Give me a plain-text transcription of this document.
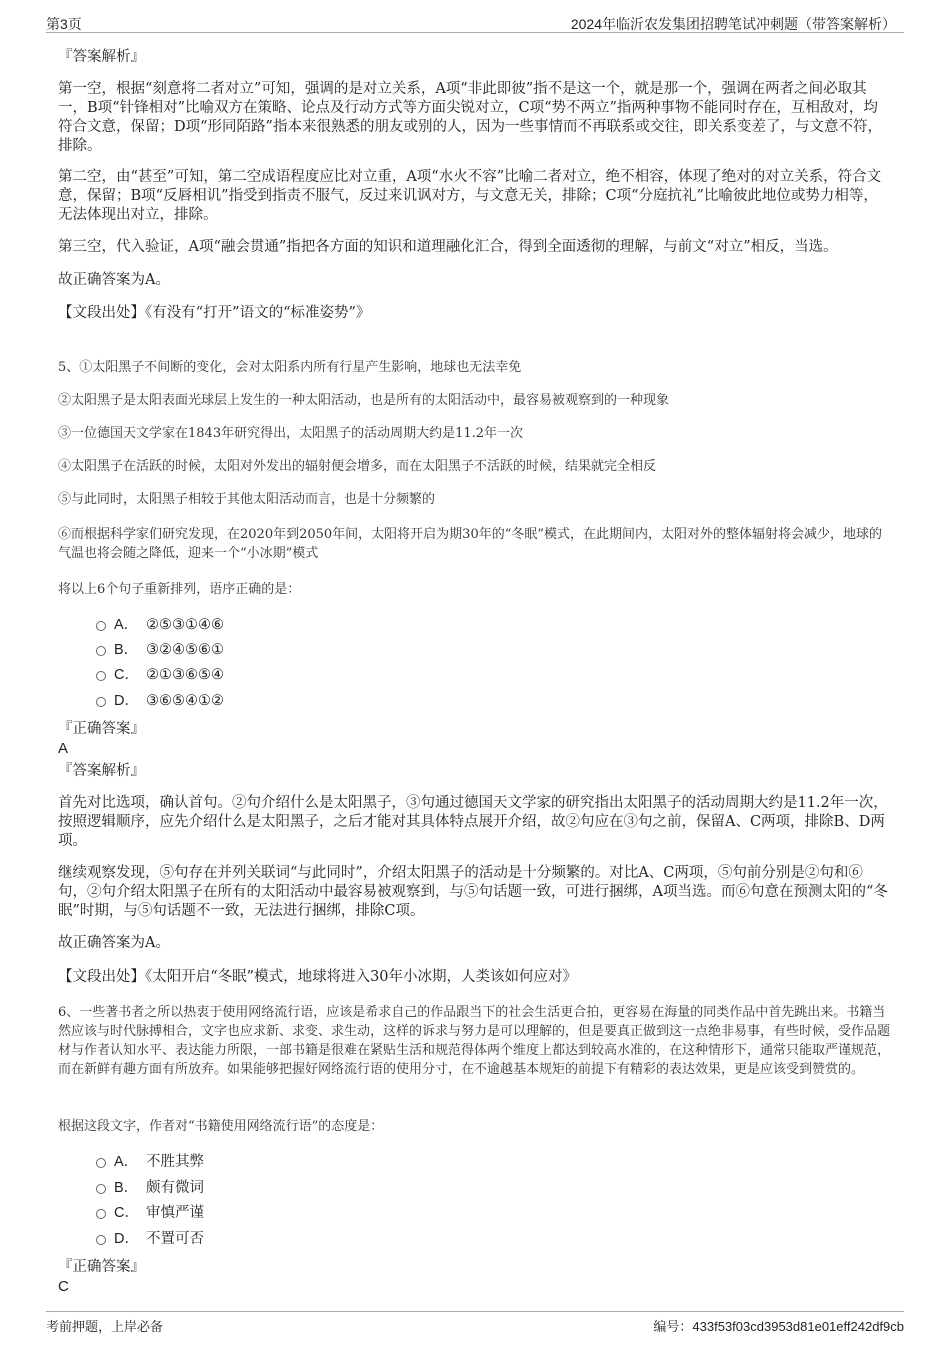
第3页	2024年临沂农发集团招聘笔试冲刺题（带答案解析）
『答案解析』
第一空，根据“刻意将二者对立”可知，强调的是对立关系，A项“非此即彼”指不是这一个，就是那一个，强调在两者之间必取其一，B项“针锋相对”比喻双方在策略、论点及行动方式等方面尖锐对立，C项“势不两立”指两种事物不能同时存在，互相敌对，均符合文意，保留；D项“形同陌路”指本来很熟悉的朋友或别的人，因为一些事情而不再联系或交往，即关系变差了，与文意不符，排除。
第二空，由“甚至”可知，第二空成语程度应比对立重，A项“水火不容”比喻二者对立，绝不相容，体现了绝对的对立关系，符合文意，保留；B项“反唇相讥”指受到指责不服气，反过来讥讽对方，与文意无关，排除；C项“分庭抗礼”比喻彼此地位或势力相等，无法体现出对立，排除。
第三空，代入验证，A项“融会贯通”指把各方面的知识和道理融化汇合，得到全面透彻的理解，与前文“对立”相反，当选。
故正确答案为A。
【文段出处】《有没有“打开”语文的“标准姿势”》
5、①太阳黑子不间断的变化，会对太阳系内所有行星产生影响，地球也无法幸免
②太阳黑子是太阳表面光球层上发生的一种太阳活动，也是所有的太阳活动中，最容易被观察到的一种现象
③一位德国天文学家在1843年研究得出，太阳黑子的活动周期大约是11.2年一次
④太阳黑子在活跃的时候，太阳对外发出的辐射便会增多，而在太阳黑子不活跃的时候，结果就完全相反
⑤与此同时，太阳黑子相较于其他太阳活动而言，也是十分频繁的
⑥而根据科学家们研究发现，在2020年到2050年间，太阳将开启为期30年的“冬眠”模式，在此期间内，太阳对外的整体辐射将会减少，地球的气温也将会随之降低，迎来一个“小冰期”模式
将以上6个句子重新排列，语序正确的是：
A． ②⑤③①④⑥
B． ③②④⑤⑥①
C． ②①③⑥⑤④
D． ③⑥⑤④①②
『正确答案』
A
『答案解析』
首先对比选项，确认首句。②句介绍什么是太阳黑子，③句通过德国天文学家的研究指出太阳黑子的活动周期大约是11.2年一次，按照逻辑顺序，应先介绍什么是太阳黑子，之后才能对其具体特点展开介绍，故②句应在③句之前，保留A、C两项，排除B、D两项。
继续观察发现，⑤句存在并列关联词“与此同时”，介绍太阳黑子的活动是十分频繁的。对比A、C两项，⑤句前分别是②句和⑥句，②句介绍太阳黑子在所有的太阳活动中最容易被观察到，与⑤句话题一致，可进行捆绑，A项当选。而⑥句意在预测太阳的“冬眠”时期，与⑤句话题不一致，无法进行捆绑，排除C项。
故正确答案为A。
【文段出处】《太阳开启“冬眠”模式，地球将进入30年小冰期，人类该如何应对》
6、一些著书者之所以热衷于使用网络流行语，应该是希求自己的作品跟当下的社会生活更合拍，更容易在海量的同类作品中首先跳出来。书籍当然应该与时代脉搏相合，文字也应求新、求变、求生动，这样的诉求与努力是可以理解的，但是要真正做到这一点绝非易事，有些时候，受作品题材与作者认知水平、表达能力所限，一部书籍是很难在紧贴生活和规范得体两个维度上都达到较高水准的，在这种情形下，通常只能取严谨规范，而在新鲜有趣方面有所放弃。如果能够把握好网络流行语的使用分寸，在不逾越基本规矩的前提下有精彩的表达效果，更是应该受到赞赏的。
根据这段文字，作者对“书籍使用网络流行语”的态度是：
A． 不胜其弊
B． 颇有微词
C． 审慎严谨
D． 不置可否
『正确答案』
C
考前押题，上岸必备	编号：433f53f03cd3953d81e01eff242df9cb
